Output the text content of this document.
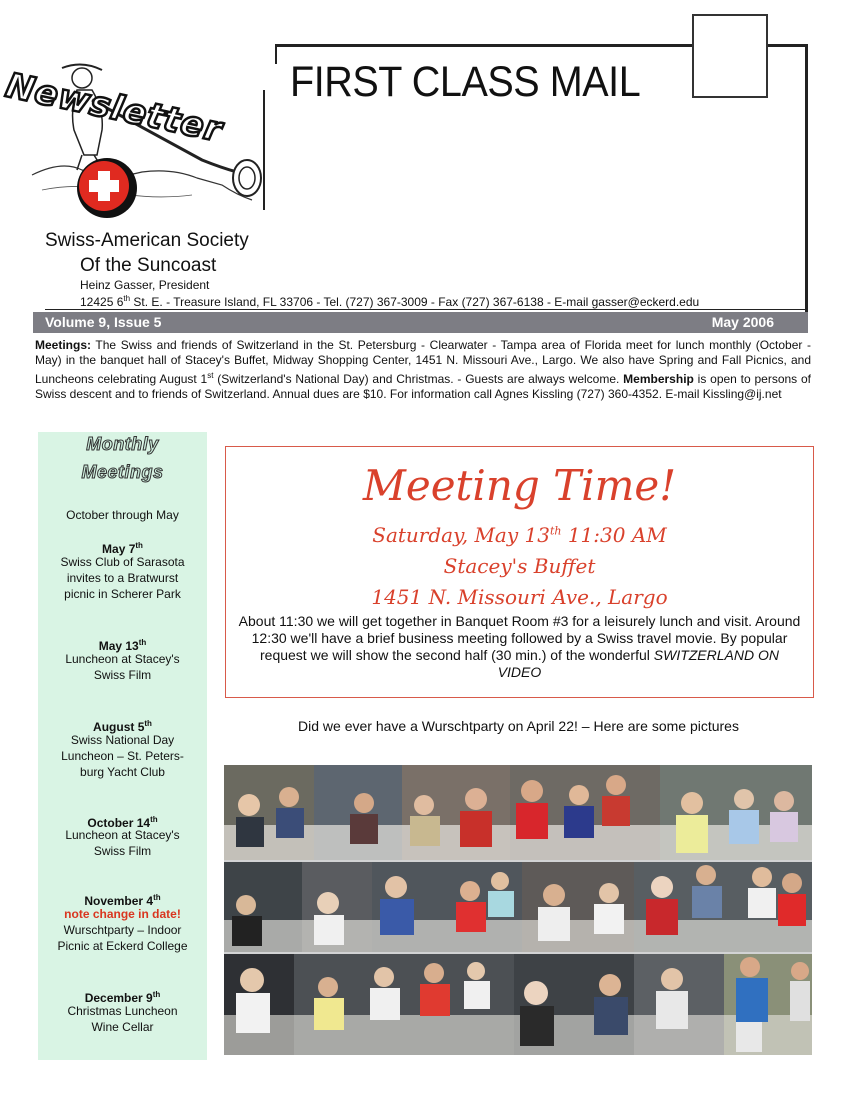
Newsletter FIRST CLASS MAIL
Swiss-American Society
Of the Suncoast
Heinz Gasser, President
12425 6th St. E. - Treasure Island, FL 33706 - Tel. (727) 367-3009 - Fax (727) 367-6138 - E-mail gasser@eckerd.edu
Volume 9, Issue 5	May 2006
Meetings: The Swiss and friends of Switzerland in the St. Petersburg - Clearwater - Tampa area of Florida meet for lunch monthly (October - May) in the banquet hall of Stacey's Buffet, Midway Shopping Center, 1451 N. Missouri Ave., Largo. We also have Spring and Fall Picnics, and Luncheons celebrating August 1st (Switzerland's National Day) and Christmas. - Guests are always welcome. Membership is open to persons of Swiss descent and to friends of Switzerland. Annual dues are $10. For information call Agnes Kissling (727) 360-4352. E-mail Kissling@ij.net
Monthly
Meetings
October through May
May 7th
Swiss Club of Sarasota
invites to a Bratwurst
picnic in Scherer Park
May 13th
Luncheon at Stacey's
Swiss Film
August 5th
Swiss National Day
Luncheon – St. Peters-
burg Yacht Club
October 14th
Luncheon at Stacey's
Swiss Film
November 4th
note change in date!
Wurschtparty – Indoor
Picnic at Eckerd College
December 9th
Christmas Luncheon
Wine Cellar
Meeting Time!
Saturday, May 13th 11:30 AM
Stacey's Buffet
1451 N. Missouri Ave., Largo
About 11:30 we will get together in Banquet Room #3 for a leisurely lunch and visit. Around 12:30 we'll have a brief business meeting followed by a Swiss travel movie. By popular request we will show the second half (30 min.) of the wonderful SWITZERLAND ON VIDEO
Did we ever have a Wurschtparty on April 22! – Here are some pictures
